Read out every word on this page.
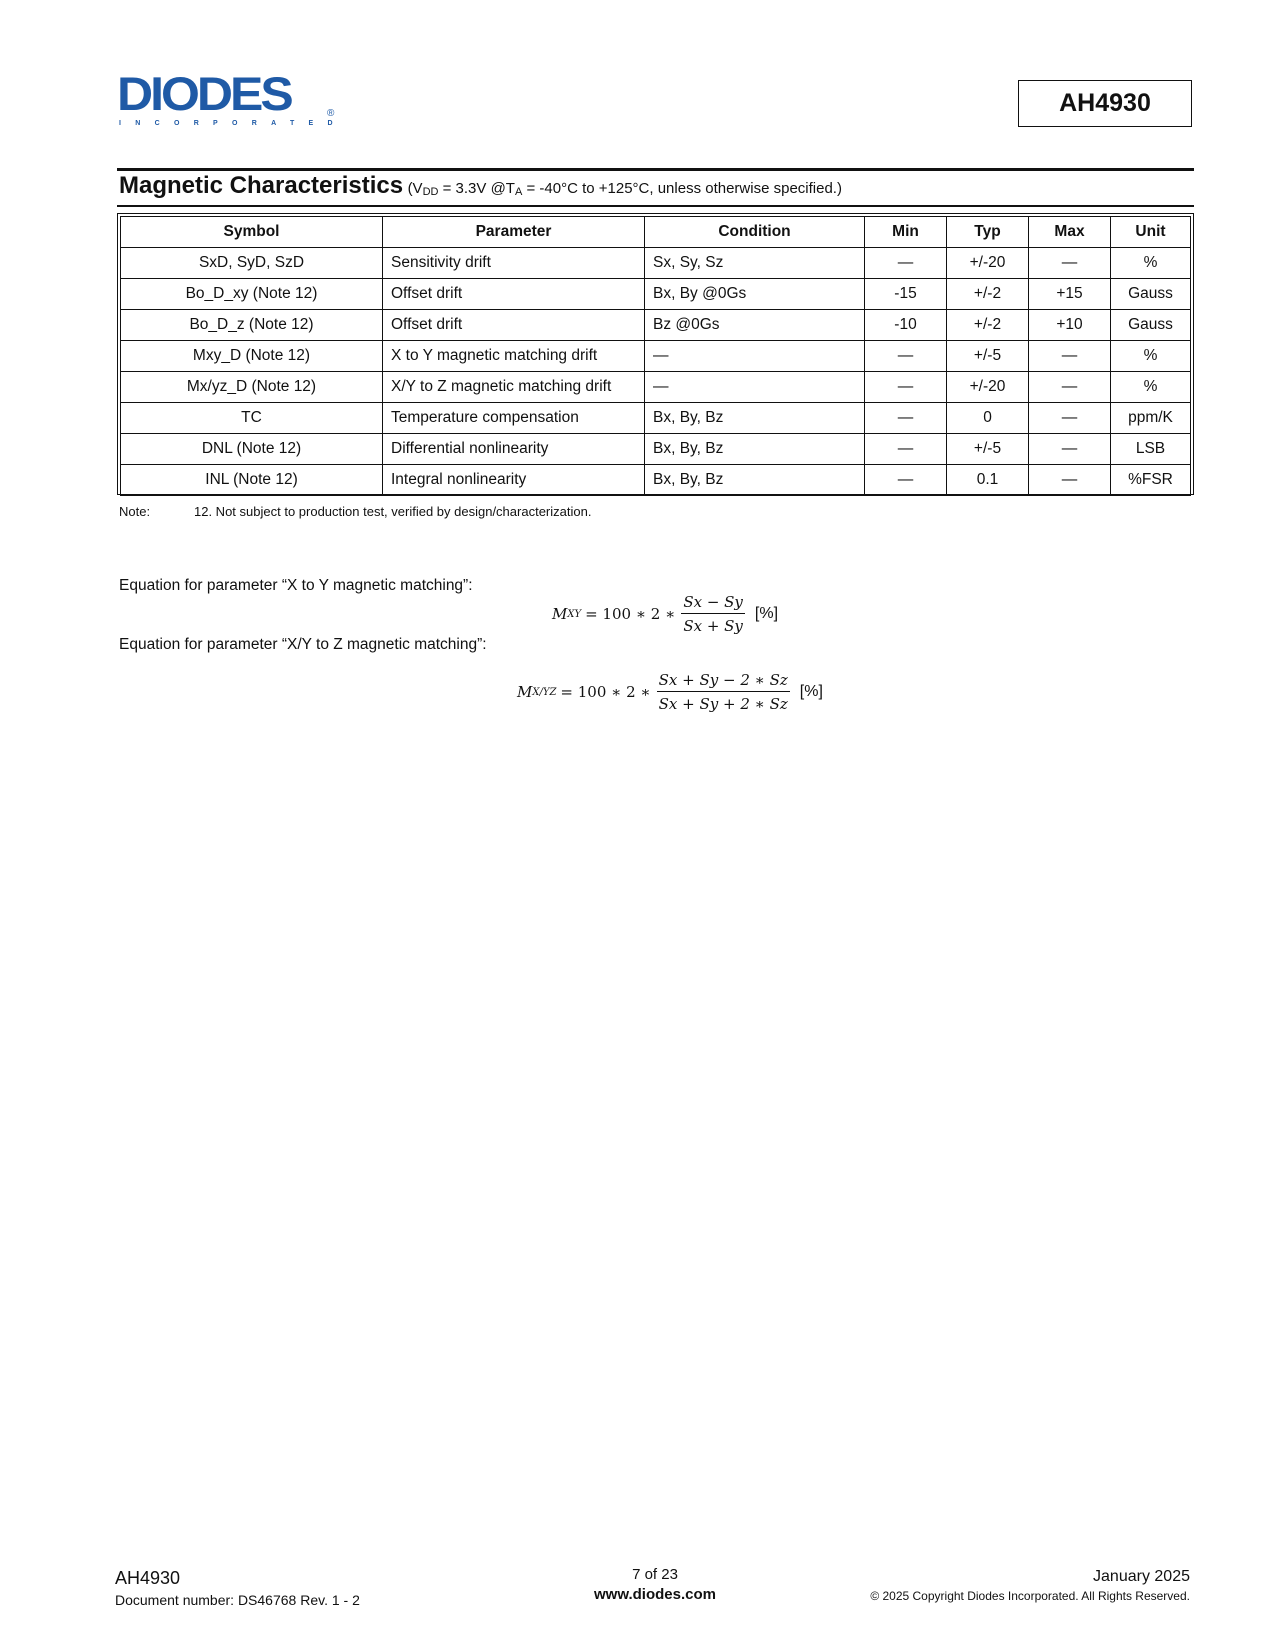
DIODES	®
INCORPORATED
AH4930
Magnetic Characteristics ($V_{DD} = 3.3V$ $@T_A = -40^\circ C$ to +125°C, unless otherwise specified.)
Symbol	Parameter	Condition	Min	Typ	Max	Unit
SxD, SyD, SzD	Sensitivity drift	Sx, Sy, Sz	—	+/-20	—	%
Bo_D_xy (Note 12)	Offset drift	Bx, By @0Gs	-15	+/-2	+15	Gauss
Bo_D_z (Note 12)	Offset drift	Bz @0Gs	-10	+/-2	+10	Gauss
Mxy_D (Note 12)	X to Y magnetic matching drift	—	—	+/-5	—	%
Mx/yz_D (Note 12)	X/Y to Z magnetic matching drift	—	—	+/-20	—	%
TC	Temperature compensation	Bx, By, Bz	—	0	—	ppm/K
DNL (Note 12)	Differential nonlinearity	Bx, By, Bz	—	+/-5	—	LSB
INL (Note 12)	Integral nonlinearity	Bx, By, Bz	—	0.1	—	%FSR
Note:	12. Not subject to production test, verified by design/characterization.
Equation for parameter “X to Y magnetic matching”:
M XY = 100 ∗ 2 ∗ $\frac{Sx - Sy}{Sx + Sy}$ [%]
Equation for parameter “X/Y to Z magnetic matching”:
M X/YZ = 100 ∗ 2 ∗ $\frac{Sx + Sy - 2 ∗ Sz}{Sx + Sy + 2 ∗ Sz}$ [%]
AH4930
Document number: DS46768 Rev. 1 - 2
7 of 23
www.diodes.com
January 2025
© 2025 Copyright Diodes Incorporated. All Rights Reserved.
